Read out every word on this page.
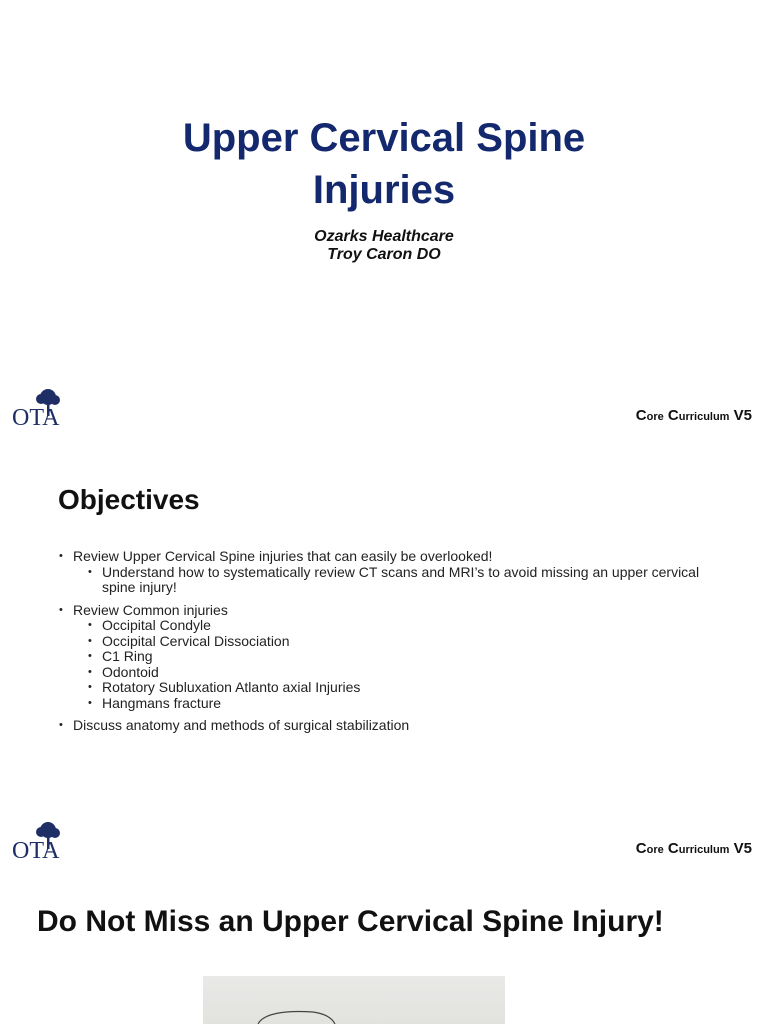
Upper Cervical Spine
Injuries
Ozarks Healthcare
Troy Caron DO
OTA	Core Curriculum V5
Objectives
• Review Upper Cervical Spine injuries that can easily be overlooked!
• Understand how to systematically review CT scans and MRI’s to avoid missing an upper cervical spine injury!
• Review Common injuries
• Occipital Condyle
• Occipital Cervical Dissociation
• C1 Ring
• Odontoid
• Rotatory Subluxation Atlanto axial Injuries
• Hangmans fracture
• Discuss anatomy and methods of surgical stabilization
OTA	Core Curriculum V5
Do Not Miss an Upper Cervical Spine Injury!
